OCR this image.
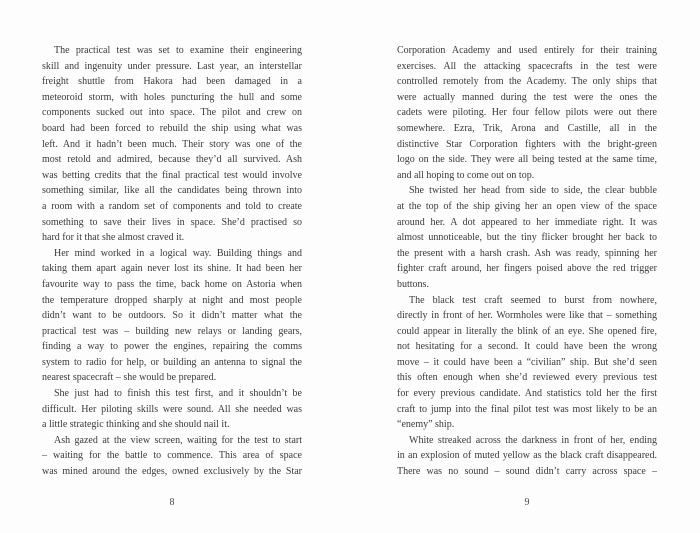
The practical test was set to examine their engineering
skill and ingenuity under pressure. Last year, an interstellar
freight shuttle from Hakora had been damaged in a
meteoroid storm, with holes puncturing the hull and some
components sucked out into space. The pilot and crew on
board had been forced to rebuild the ship using what was
left. And it hadn’t been much. Their story was one of the
most retold and admired, because they’d all survived. Ash
was betting credits that the final practical test would involve
something similar, like all the candidates being thrown into
a room with a random set of components and told to create
something to save their lives in space. She’d practised so
hard for it that she almost craved it.
Her mind worked in a logical way. Building things and
taking them apart again never lost its shine. It had been her
favourite way to pass the time, back home on Astoria when
the temperature dropped sharply at night and most people
didn’t want to be outdoors. So it didn’t matter what the
practical test was – building new relays or landing gears,
finding a way to power the engines, repairing the comms
system to radio for help, or building an antenna to signal the
nearest spacecraft – she would be prepared.
She just had to finish this test first, and it shouldn’t be
difficult. Her piloting skills were sound. All she needed was
a little strategic thinking and she should nail it.
Ash gazed at the view screen, waiting for the test to start
– waiting for the battle to commence. This area of space
was mined around the edges, owned exclusively by the Star
8
Corporation Academy and used entirely for their training
exercises. All the attacking spacecrafts in the test were
controlled remotely from the Academy. The only ships that
were actually manned during the test were the ones the
cadets were piloting. Her four fellow pilots were out there
somewhere. Ezra, Trik, Arona and Castille, all in the
distinctive Star Corporation fighters with the bright-green
logo on the side. They were all being tested at the same time,
and all hoping to come out on top.
She twisted her head from side to side, the clear bubble
at the top of the ship giving her an open view of the space
around her. A dot appeared to her immediate right. It was
almost unnoticeable, but the tiny flicker brought her back to
the present with a harsh crash. Ash was ready, spinning her
fighter craft around, her fingers poised above the red trigger
buttons.
The black test craft seemed to burst from nowhere,
directly in front of her. Wormholes were like that – something
could appear in literally the blink of an eye. She opened fire,
not hesitating for a second. It could have been the wrong
move – it could have been a “civilian” ship. But she’d seen
this often enough when she’d reviewed every previous test
for every previous candidate. And statistics told her the first
craft to jump into the final pilot test was most likely to be an
“enemy” ship.
White streaked across the darkness in front of her, ending
in an explosion of muted yellow as the black craft disappeared.
There was no sound – sound didn’t carry across space –
9
